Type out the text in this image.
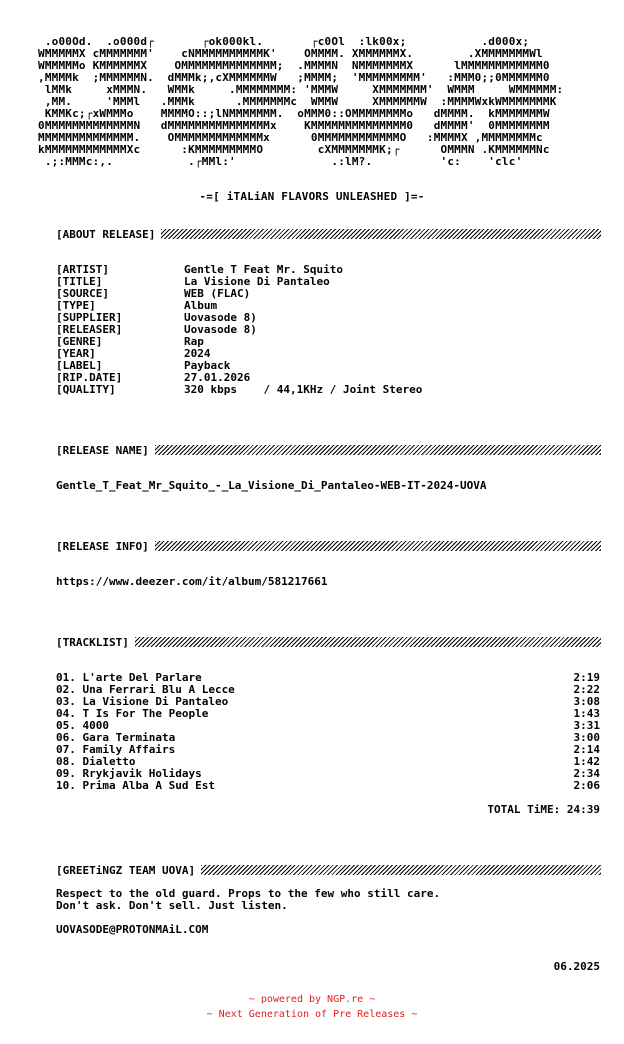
.o00Od.  .o000d┌       ┌ok000kl.       ┌c0Ol  :lk00x;           .d000x;
WMMMMMX cMMMMMMM'    cNMMMMMMMMMMK'    OMMMM. XMMMMMMX.        .XMMMMMMMWl
WMMMMMo KMMMMMMX    OMMMMMMMMMMMMMM;  .MMMMN  NMMMMMMMX      lMMMMMMMMMMMM0
,MMMMk  ;MMMMMMN.  dMMMk;,cXMMMMMMW   ;MMMM;  'MMMMMMMMM'   :MMM0;;0MMMMMM0
lMMk     xMMMN.   WMMk     .MMMMMMMM: 'MMMW     XMMMMMMM'  WMMM     WMMMMMM:
,MM.     'MMMl   .MMMk      .MMMMMMMc  WMMW     XMMMMMMW  :MMMMWxkWMMMMMMMK
KMMKc;┌xWMMMo    MMMMO::;lNMMMMMMM.  oMMM0::OMMMMMMMMo   dMMMM.  kMMMMMMMW
0MMMMMMMMMMMMMN   dMMMMMMMMMMMMMMMx    KMMMMMMMMMMMMMM0   dMMMM'  0MMMMMMMM
MMMMMMMMMMMMMM.    OMMMMMMMMMMMMMx      0MMMMMMMMMMMMO   :MMMMX ,MMMMMMMMc
kMMMMMMMMMMMMXc      :KMMMMMMMMMO        cXMMMMMMMK;┌      OMMMN .KMMMMMMNc
.;:MMMc:,.           .┌MMl:'              .:lM?.          'c:    'clc'
-=[ iTALiAN FLAVORS UNLEASHED ]=-
[ABOUT RELEASE]
[ARTIST]	Gentle T Feat Mr. Squito
[TITLE]	La Visione Di Pantaleo
[SOURCE]	WEB (FLAC)
[TYPE]	Album
[SUPPLIER]	Uovasode 8)
[RELEASER]	Uovasode 8)
[GENRE]	Rap
[YEAR]	2024
[LABEL]	Payback
[RIP.DATE]	27.01.2026
[QUALITY]	320 kbps    / 44,1KHz / Joint Stereo
[RELEASE NAME]
Gentle_T_Feat_Mr_Squito_-_La_Visione_Di_Pantaleo-WEB-IT-2024-UOVA
[RELEASE INFO]
https://www.deezer.com/it/album/581217661
[TRACKLIST]
01. L'arte Del Parlare	2:19
02. Una Ferrari Blu A Lecce	2:22
03. La Visione Di Pantaleo	3:08
04. T Is For The People	1:43
05. 4000	3:31
06. Gara Terminata	3:00
07. Family Affairs	2:14
08. Dialetto	1:42
09. Rrykjavik Holidays	2:34
10. Prima Alba A Sud Est	2:06
TOTAL TiME: 24:39
[GREETiNGZ TEAM UOVA]
Respect to the old guard. Props to the few who still care.
Don't ask. Don't sell. Just listen.
UOVASODE@PROTONMAiL.COM
06.2025
~ powered by NGP.re ~
~ Next Generation of Pre Releases ~
